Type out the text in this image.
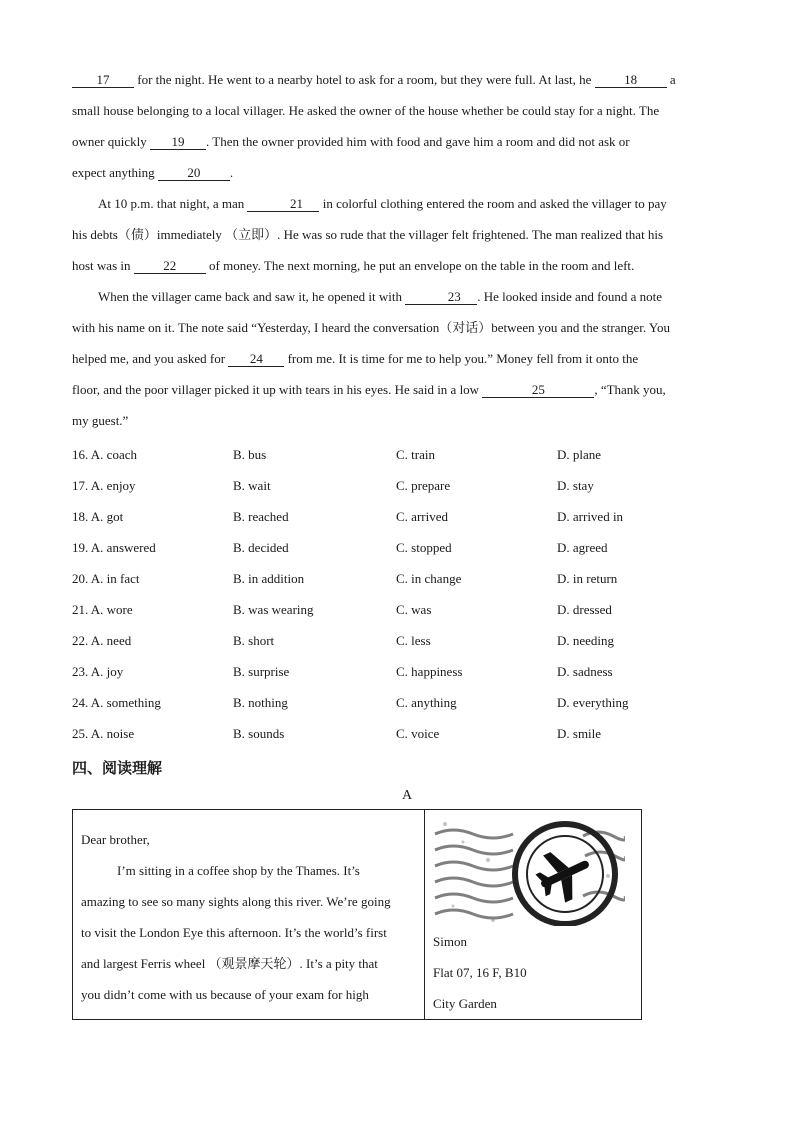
17 for the night. He went to a nearby hotel to ask for a room, but they were full. At last, he 18 a

small house belonging to a local villager. He asked the owner of the house whether be could stay for a night. The

owner quickly 19 . Then the owner provided him with food and gave him a room and did not ask or

expect anything 20 .

At 10 p.m. that night, a man	21 in colorful clothing entered the room and asked the villager to pay

his debts（债）immediately （立即）. He was so rude that the villager felt frightened. The man realized that his

host was in 22 of money. The next morning, he put an envelope on the table in the room and left.

When the villager came back and saw it, he opened it with	23 . He looked inside and found a note

with his name on it. The note said “Yesterday, I heard the conversation（对话）between you and the stranger. You

helped me, and you asked for 24 from me. It is time for me to help you.” Money fell from it onto the

floor, and the poor villager picked it up with tears in his eyes. He said in a low	25	, “Thank you,

my guest.”

16. A. coach	B. bus	C. train	D. plane
17. A. enjoy	B. wait	C. prepare	D. stay
18. A. got	B. reached	C. arrived	D. arrived in
19. A. answered	B. decided	C. stopped	D. agreed
20. A. in fact	B. in addition	C. in change	D. in return
21. A. wore	B. was wearing	C. was	D. dressed
22. A. need	B. short	C. less	D. needing
23. A. joy	B. surprise	C. happiness	D. sadness
24. A. something	B. nothing	C. anything	D. everything
25. A. noise	B. sounds	C. voice	D. smile
四、阅读理解
A

Dear brother,

I’m sitting in a coffee shop by the Thames. It’s

amazing to see so many sights along this river. We’re going

to visit the London Eye this afternoon. It’s the world’s first

and largest Ferris wheel （观景摩天轮）. It’s a pity that

you didn’t come with us because of your exam for high

Simon

Flat 07, 16 F, B10

City Garden
